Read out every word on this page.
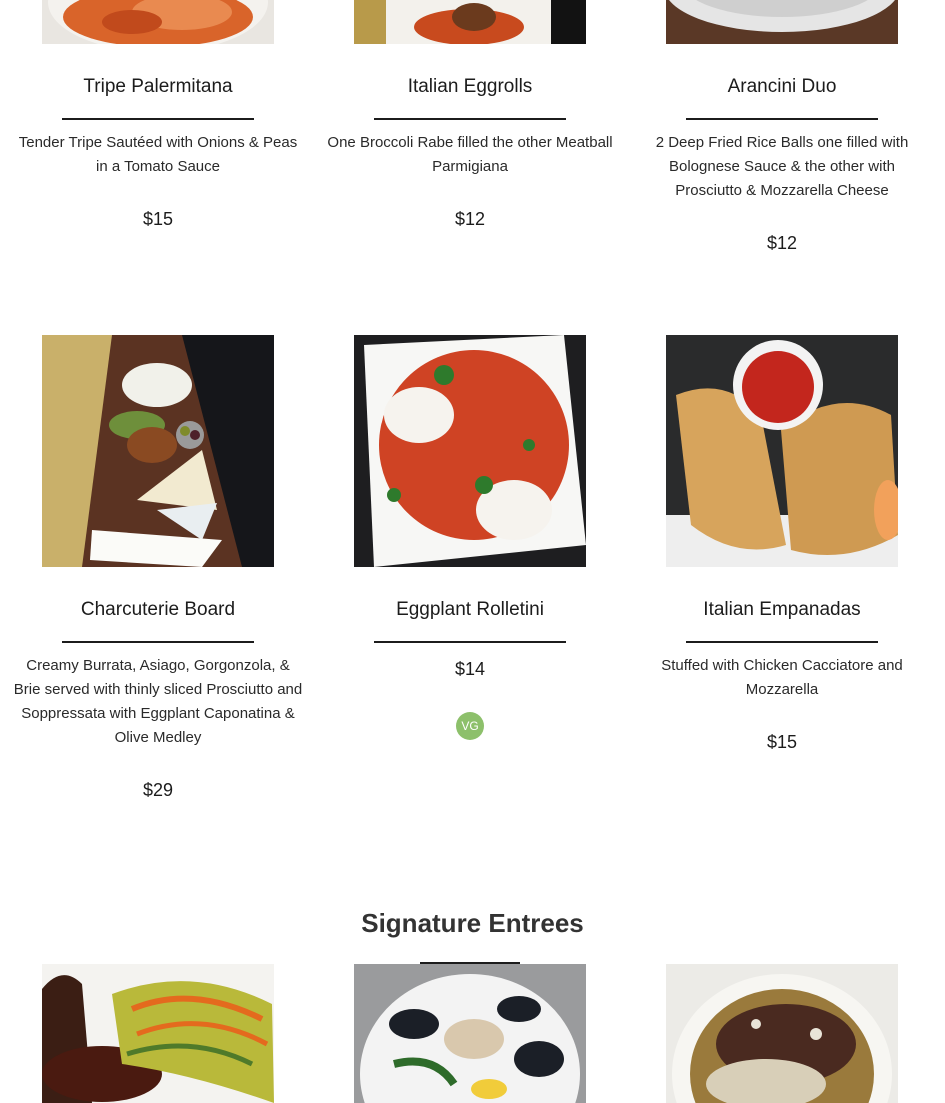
Tripe Palermitana
Tender Tripe Sautéed with Onions & Peas in a Tomato Sauce
$15
Italian Eggrolls
One Broccoli Rabe filled the other Meatball Parmigiana
$12
Arancini Duo
2 Deep Fried Rice Balls one filled with Bolognese Sauce & the other with Prosciutto & Mozzarella Cheese
$12
Charcuterie Board
Creamy Burrata, Asiago, Gorgonzola, & Brie served with thinly sliced Prosciutto and Soppressata with Eggplant Caponatina & Olive Medley
$29
Eggplant Rolletini
$14
VG
Italian Empanadas
Stuffed with Chicken Cacciatore and Mozzarella
$15
Signature Entrees
